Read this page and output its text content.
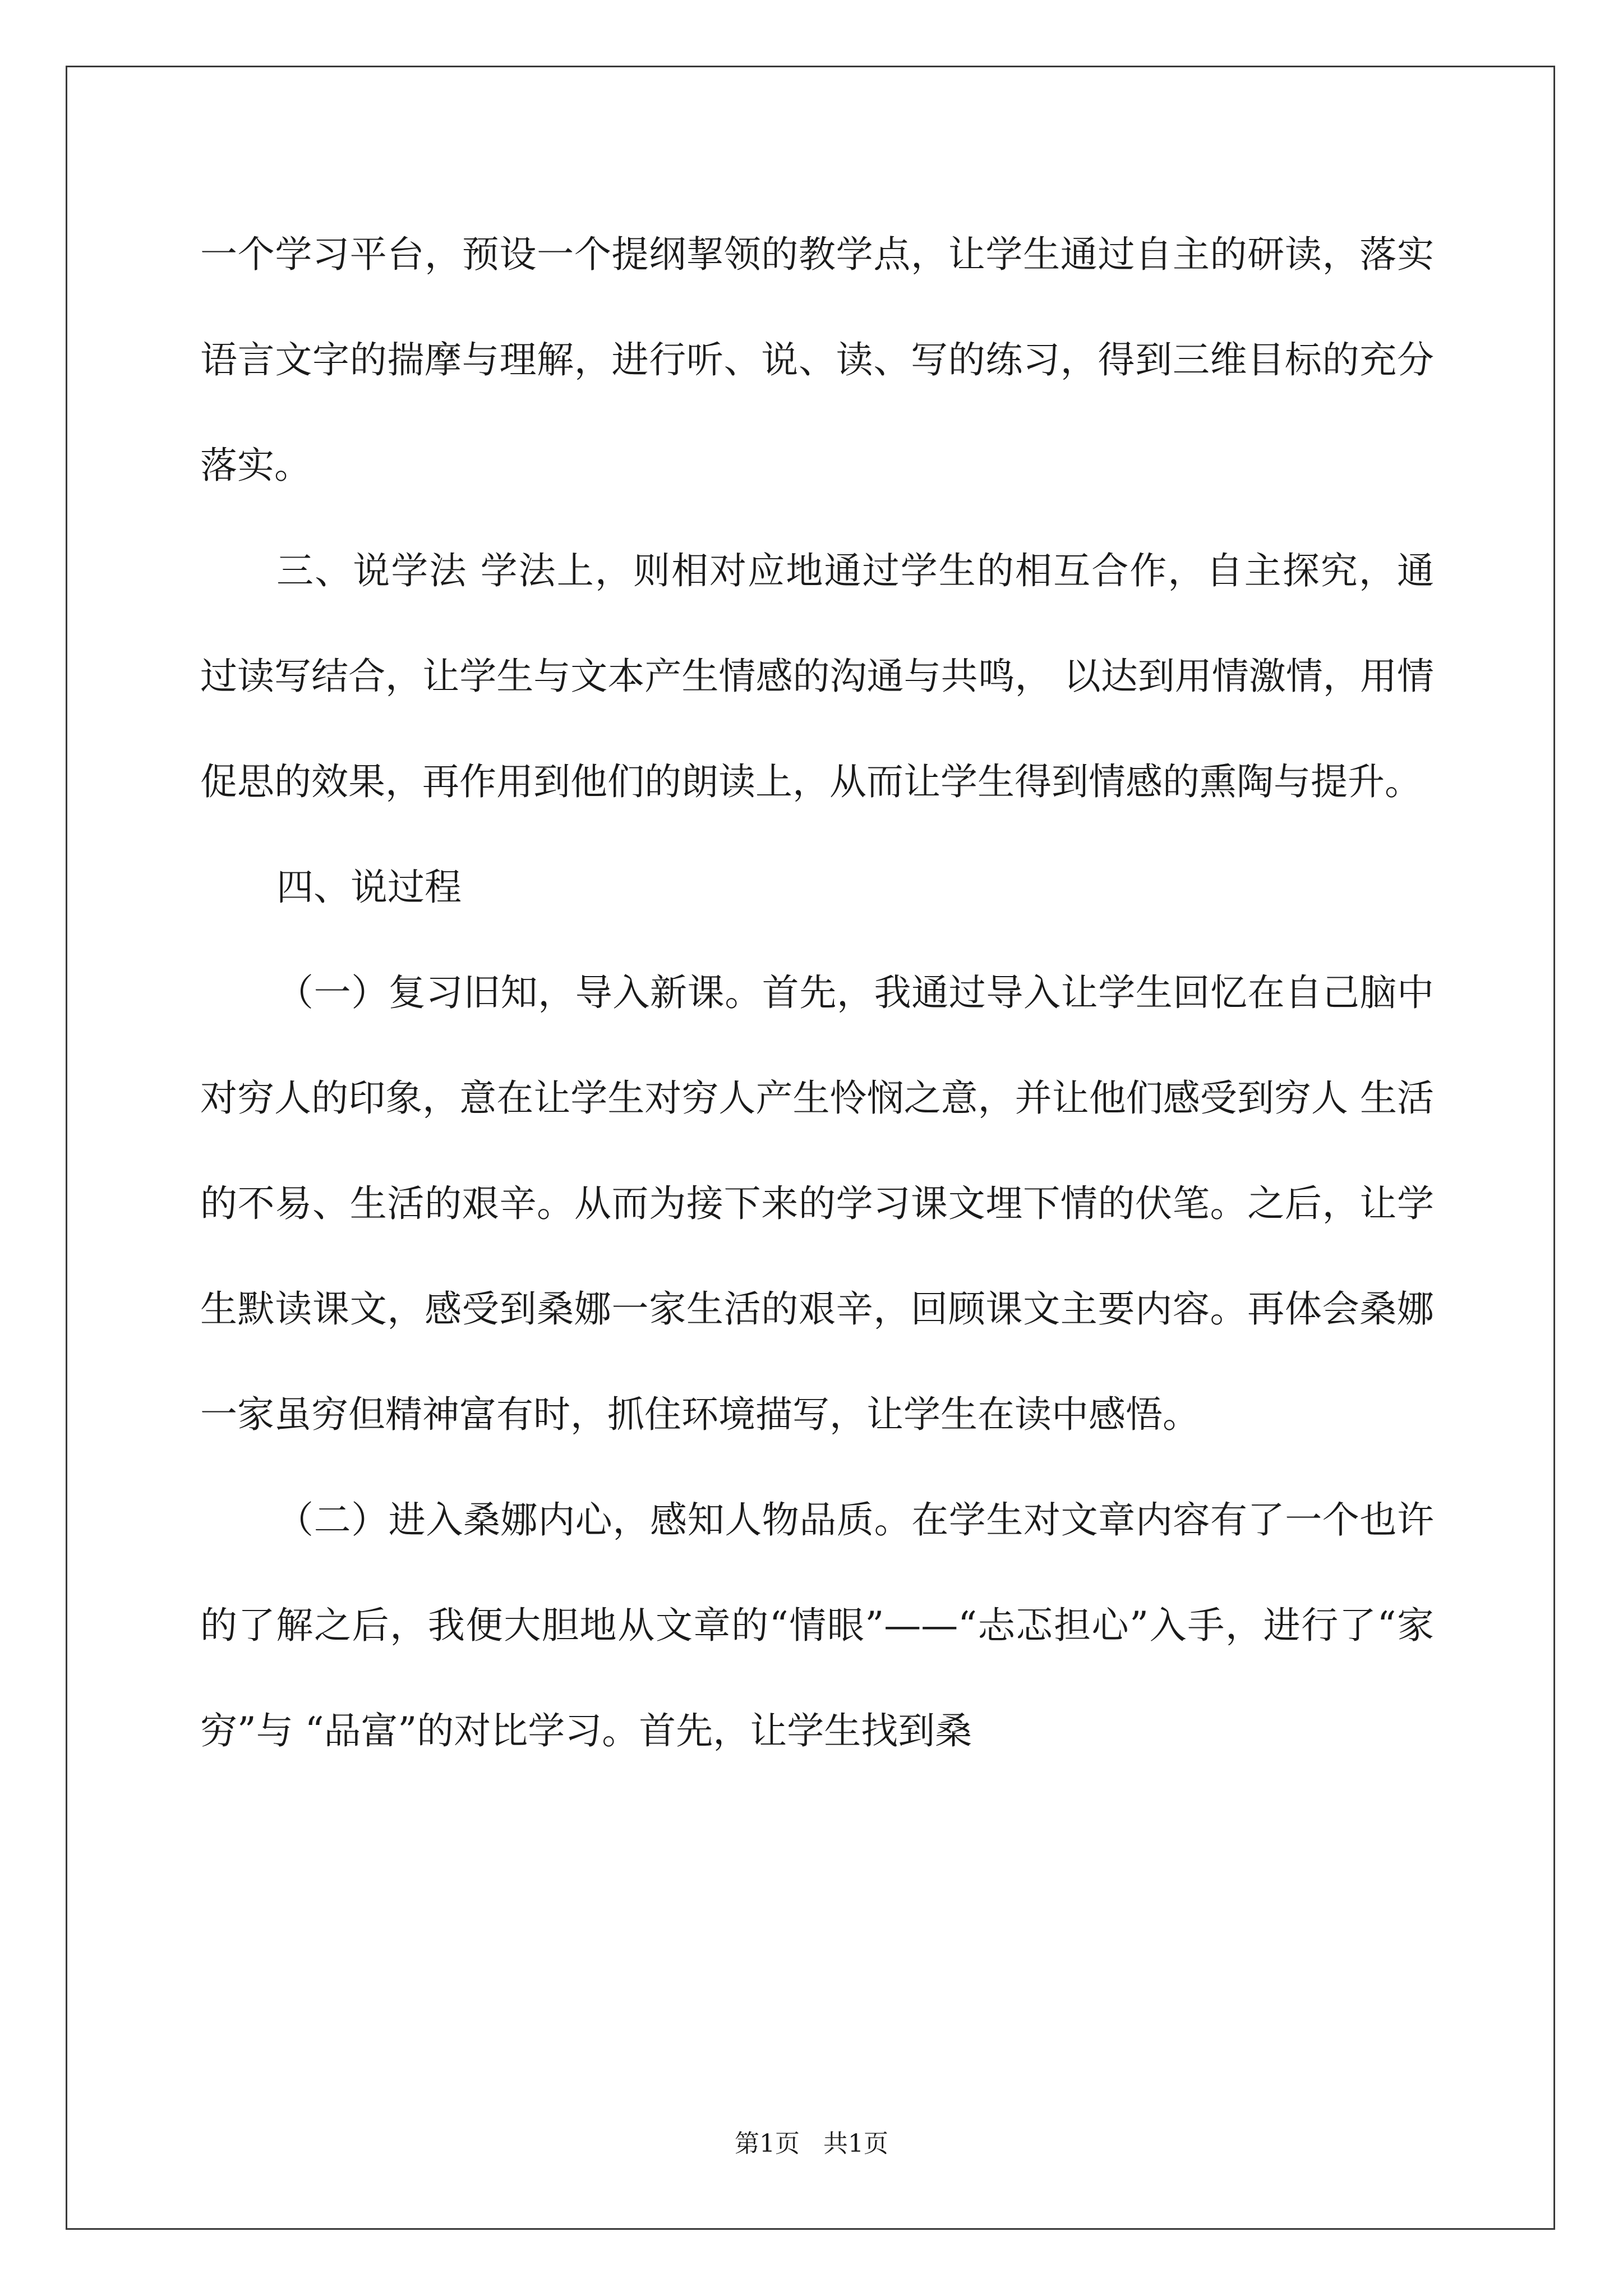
一个学习平台，预设一个提纲挈领的教学点，让学生通过自主的研读，落实语言文字的揣摩与理解，进行听、说、读、写的练习，得到三维目标的充分落实。

三、说学法 学法上，则相对应地通过学生的相互合作，自主探究，通过读写结合，让学生与文本产生情感的沟通与共鸣， 以达到用情激情，用情促思的效果，再作用到他们的朗读上，从而让学生得到情感的熏陶与提升。

四、说过程

（一）复习旧知，导入新课。首先，我通过导入让学生回忆在自己脑中对穷人的印象，意在让学生对穷人产生怜悯之意，并让他们感受到穷人 生活的不易、生活的艰辛。从而为接下来的学习课文埋下情的伏笔。之后，让学生默读课文，感受到桑娜一家生活的艰辛，回顾课文主要内容。再体会桑娜一家虽穷但精神富有时，抓住环境描写，让学生在读中感悟。

（二）进入桑娜内心，感知人物品质。在学生对文章内容有了一个也许的了解之后，我便大胆地从文章的“情眼”——“忐忑担心”入手，进行了“家穷”与 “品富”的对比学习。首先，让学生找到桑

第1页 共1页
